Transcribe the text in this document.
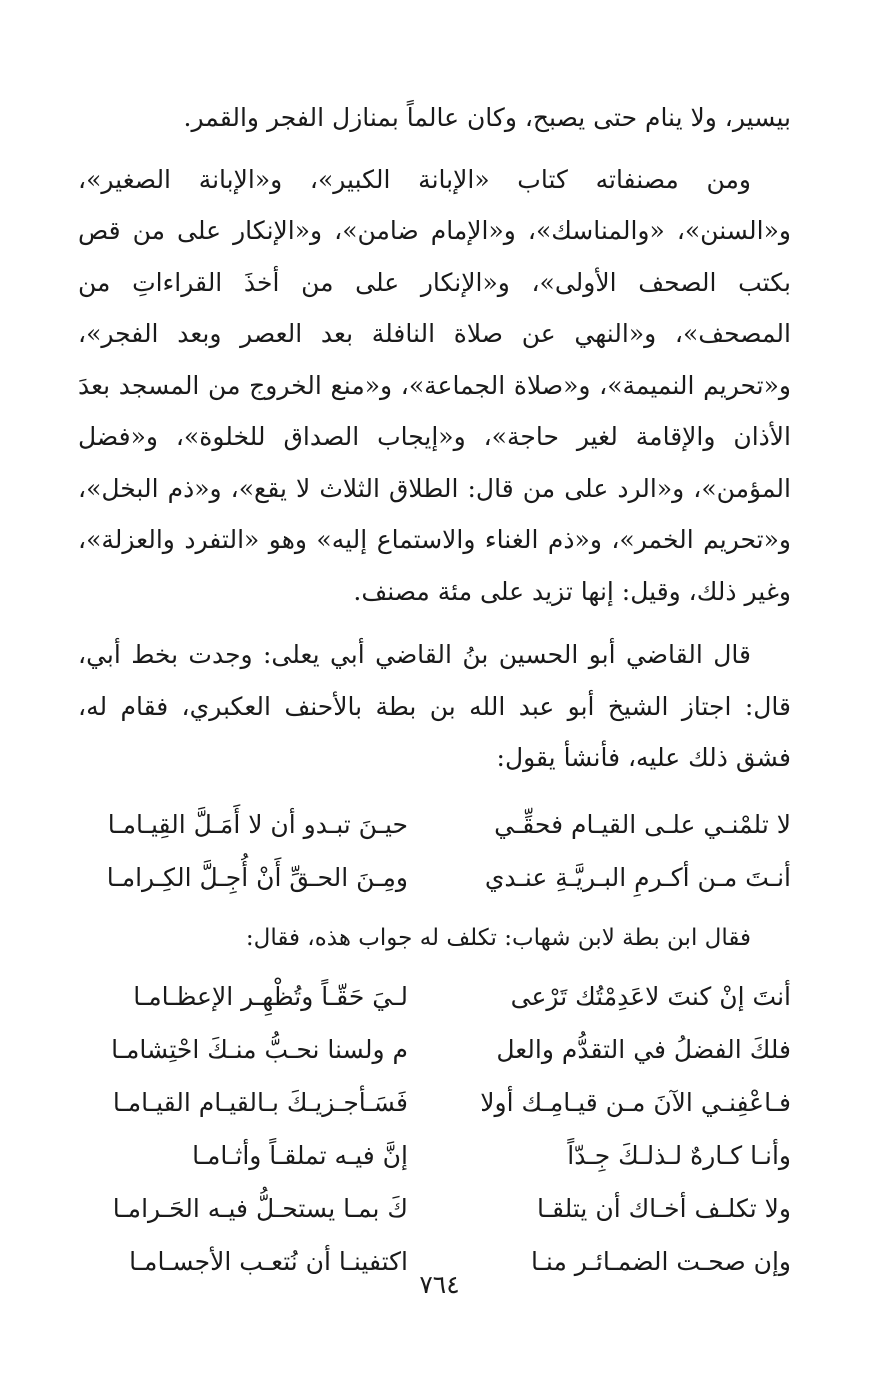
بيسير، ولا ينام حتى يصبح، وكان عالماً بمنازل الفجر والقمر.

ومن مصنفاته كتاب «الإبانة الكبير»، و«الإبانة الصغير»، و«السنن»، «والمناسك»، و«الإمام ضامن»، و«الإنكار على من قص بكتب الصحف الأولى»، و«الإنكار على من أخذَ القراءاتِ من المصحف»، و«النهي عن صلاة النافلة بعد العصر وبعد الفجر»، و«تحريم النميمة»، و«صلاة الجماعة»، و«منع الخروج من المسجد بعدَ الأذان والإقامة لغير حاجة»، و«إيجاب الصداق للخلوة»، و«فضل المؤمن»، و«الرد على من قال: الطلاق الثلاث لا يقع»، و«ذم البخل»، و«تحريم الخمر»، و«ذم الغناء والاستماع إليه» وهو «التفرد والعزلة»، وغير ذلك، وقيل: إنها تزيد على مئة مصنف.

قال القاضي أبو الحسين بنُ القاضي أبي يعلى: وجدت بخط أبي، قال: اجتاز الشيخ أبو عبد الله بن بطة بالأحنف العكبري، فقام له، فشق ذلك عليه، فأنشأ يقول:

لا تلمْنـي علـى القيـام فحقِّـي
حيـنَ تبـدو أن لا أَمَـلَّ القِيـامـا
أنـتَ مـن أكـرمِ البـريَّـةِ عنـدي
ومِـنَ الحـقِّ أَنْ أُجِـلَّ الكِـرامـا

فقال ابن بطة لابن شهاب: تكلف له جواب هذه، فقال:

أنتَ إنْ كنتَ لاعَدِمْتُك تَرْعى
لـيَ حَقّـاً وتُظْهِـر الإعظـامـا
فلكَ الفضلُ في التقدُّم والعل
م ولسنا نحـبُّ منـكَ احْتِشامـا
فـاعْفِنـي الآنَ مـن قيـامِـك أولا
فَسَـأجـزيـكَ بـالقيـام القيـامـا
وأنـا كـارهٌ لـذلـكَ جِـدّاً
إنَّ فيـه تملقـاً وأثـامـا
ولا تكلـف أخـاك أن يتلقـا
كَ بمـا يستحـلُّ فيـه الحَـرامـا
وإن صحـت الضمـائـر منـا
اكتفينـا أن نُتعـب الأجسـامـا
٧٦٤
